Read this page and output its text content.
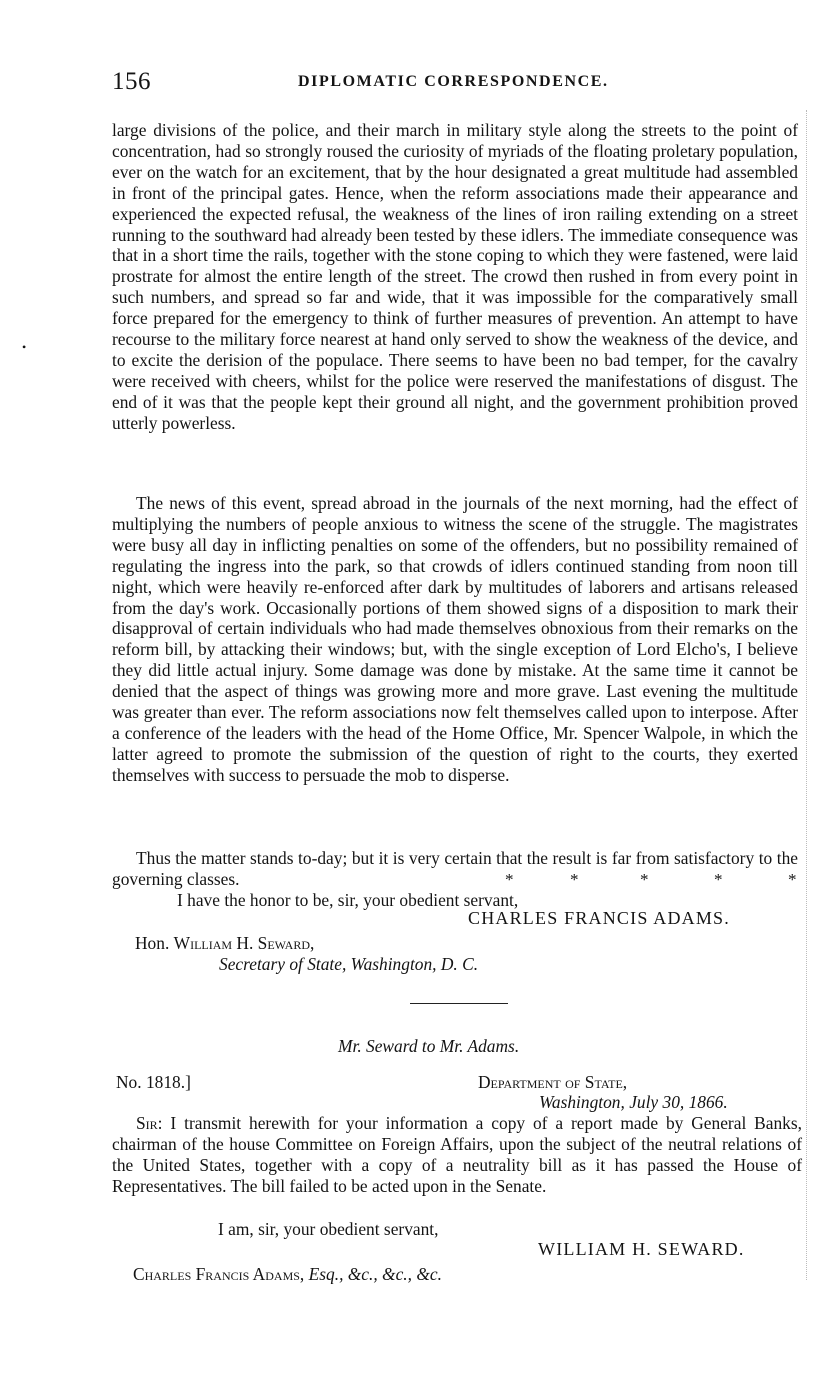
156	DIPLOMATIC CORRESPONDENCE.

large divisions of the police, and their march in military style along the streets to the point of concentration, had so strongly roused the curiosity of myriads of the floating proletary population, ever on the watch for an excitement, that by the hour designated a great multitude had assembled in front of the principal gates. Hence, when the reform associations made their appearance and experienced the expected refusal, the weakness of the lines of iron railing extending on a street running to the southward had already been tested by these idlers. The immediate consequence was that in a short time the rails, together with the stone coping to which they were fastened, were laid prostrate for almost the entire length of the street. The crowd then rushed in from every point in such numbers, and spread so far and wide, that it was impossible for the comparatively small force prepared for the emergency to think of further measures of prevention. An attempt to have recourse to the military force nearest at hand only served to show the weakness of the device, and to excite the derision of the populace. There seems to have been no bad temper, for the cavalry were received with cheers, whilst for the police were reserved the manifestations of disgust. The end of it was that the people kept their ground all night, and the government prohibition proved utterly powerless.

The news of this event, spread abroad in the journals of the next morning, had the effect of multiplying the numbers of people anxious to witness the scene of the struggle. The magistrates were busy all day in inflicting penalties on some of the offenders, but no possibility remained of regulating the ingress into the park, so that crowds of idlers continued standing from noon till night, which were heavily re-enforced after dark by multitudes of laborers and artisans released from the day's work. Occasionally portions of them showed signs of a disposition to mark their disapproval of certain individuals who had made themselves obnoxious from their remarks on the reform bill, by attacking their windows; but, with the single exception of Lord Elcho's, I believe they did little actual injury. Some damage was done by mistake. At the same time it cannot be denied that the aspect of things was growing more and more grave. Last evening the multitude was greater than ever. The reform associations now felt themselves called upon to interpose. After a conference of the leaders with the head of the Home Office, Mr. Spencer Walpole, in which the latter agreed to promote the submission of the question of right to the courts, they exerted themselves with success to persuade the mob to disperse.

Thus the matter stands to-day; but it is very certain that the result is far from satisfactory to the governing classes.	*	*	*	*	*
I have the honor to be, sir, your obedient servant,
CHARLES FRANCIS ADAMS.
Hon. William H. Seward,
Secretary of State, Washington, D. C.
Mr. Seward to Mr. Adams.
No. 1818.]	Department of State,
Washington, July 30, 1866.

Sir: I transmit herewith for your information a copy of a report made by General Banks, chairman of the house Committee on Foreign Affairs, upon the subject of the neutral relations of the United States, together with a copy of a neutrality bill as it has passed the House of Representatives. The bill failed to be acted upon in the Senate.

I am, sir, your obedient servant,
WILLIAM H. SEWARD.
Charles Francis Adams, Esq., &c., &c., &c.
•
